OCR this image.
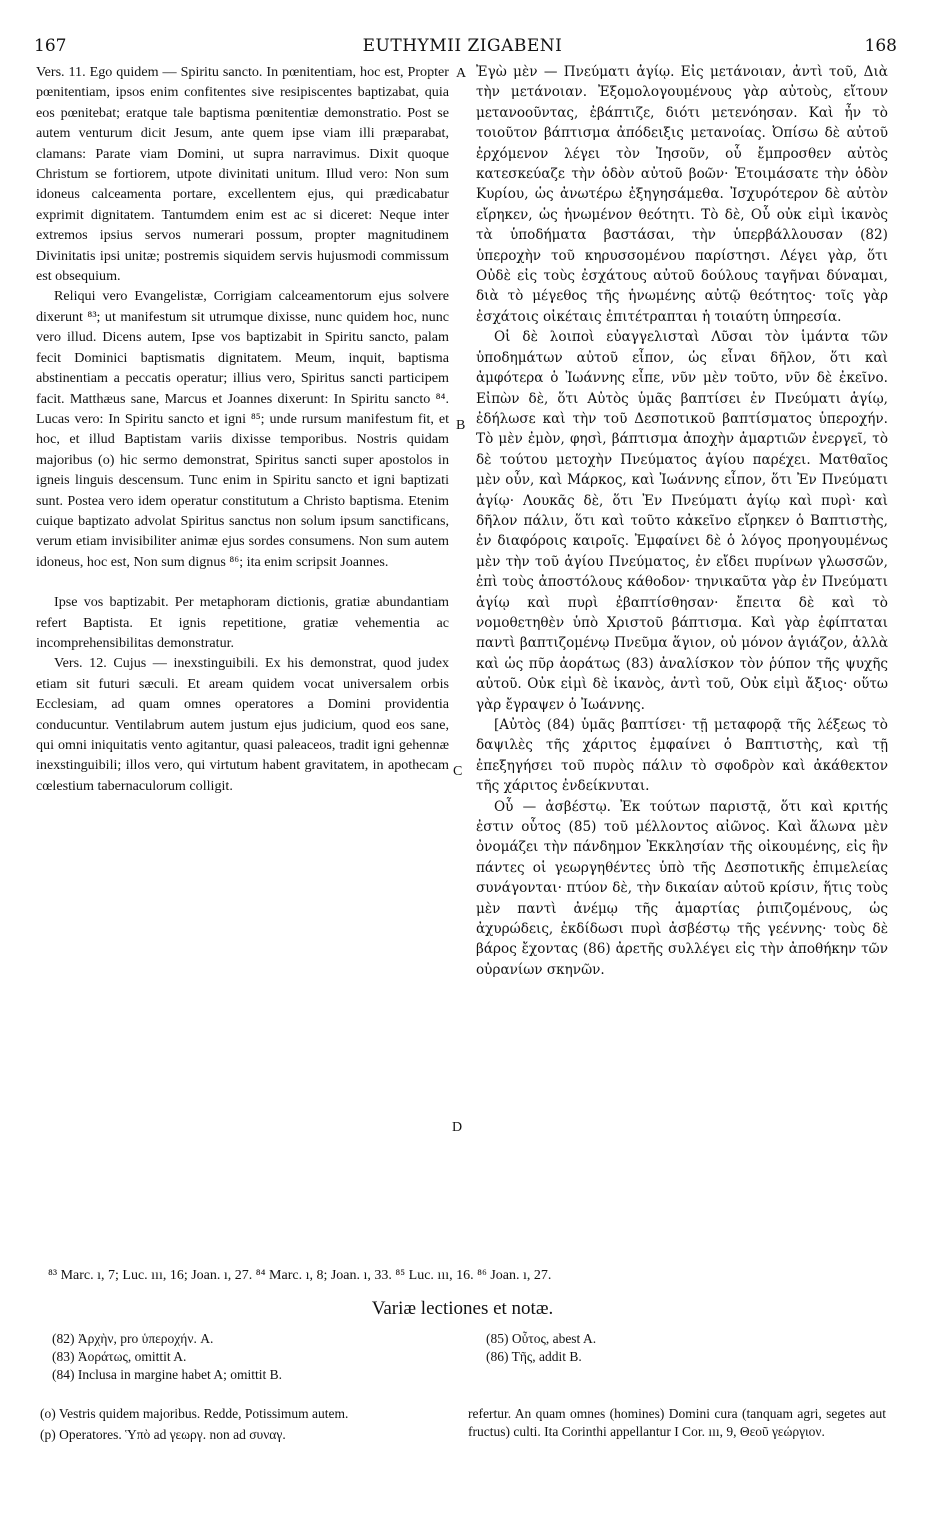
167	EUTHYMII ZIGABENI	168

Vers. 11. Ego quidem — Spiritu sancto. In pœnitentiam, hoc est, Propter pœnitentiam, ipsos enim confitentes sive resipiscentes baptizabat, quia eos pœnitebat; eratque tale baptisma pœnitentiæ demonstratio. Post se autem venturum dicit Jesum, ante quem ipse viam illi præparabat, clamans: Parate viam Domini, ut supra narravimus. Dixit quoque Christum se fortiorem, utpote divinitati unitum. Illud vero: Non sum idoneus calceamenta portare, excellentem ejus, qui prædicabatur exprimit dignitatem. Tantumdem enim est ac si diceret: Neque inter extremos ipsius servos numerari possum, propter magnitudinem Divinitatis ipsi unitæ; postremis siquidem servis hujusmodi commissum est obsequium.

Reliqui vero Evangelistæ, Corrigiam calceamentorum ejus solvere dixerunt ⁸³; ut manifestum sit utrumque dixisse, nunc quidem hoc, nunc vero illud. Dicens autem, Ipse vos baptizabit in Spiritu sancto, palam fecit Dominici baptismatis dignitatem. Meum, inquit, baptisma abstinentiam a peccatis operatur; illius vero, Spiritus sancti participem facit. Matthæus sane, Marcus et Joannes dixerunt: In Spiritu sancto ⁸⁴. Lucas vero: In Spiritu sancto et igni ⁸⁵; unde rursum manifestum fit, et hoc, et illud Baptistam variis dixisse temporibus. Nostris quidam majoribus (o) hic sermo demonstrat, Spiritus sancti super apostolos in igneis linguis descensum. Tunc enim in Spiritu sancto et igni baptizati sunt. Postea vero idem operatur constitutum a Christo baptisma. Etenim cuique baptizato advolat Spiritus sanctus non solum ipsum sanctificans, verum etiam invisibiliter animæ ejus sordes consumens. Non sum autem idoneus, hoc est, Non sum dignus ⁸⁶; ita enim scripsit Joannes.

Ipse vos baptizabit. Per metaphoram dictionis, gratiæ abundantiam refert Baptista. Et ignis repetitione, gratiæ vehementia ac incomprehensibilitas demonstratur.

Vers. 12. Cujus — inexstinguibili. Ex his demonstrat, quod judex etiam sit futuri sæculi. Et aream quidem vocat universalem orbis Ecclesiam, ad quam omnes operatores a Domini providentia conducuntur. Ventilabrum autem justum ejus judicium, quod eos sane, qui omni iniquitatis vento agitantur, quasi paleaceos, tradit igni gehennæ inexstinguibili; illos vero, qui virtutum habent gravitatem, in apothecam cœlestium tabernaculorum colligit.

A
B
C
D

Ἐγὼ μὲν — Πνεύματι ἁγίῳ. Εἰς μετάνοιαν, ἀντὶ τοῦ, Διὰ τὴν μετάνοιαν. Ἐξομολογουμένους γὰρ αὐτοὺς, εἴτουν μετανοοῦντας, ἐβάπτιζε, διότι μετενόησαν. Καὶ ἦν τὸ τοιοῦτον βάπτισμα ἀπόδειξις μετανοίας. Ὀπίσω δὲ αὐτοῦ ἐρχόμενον λέγει τὸν Ἰησοῦν, οὗ ἔμπροσθεν αὐτὸς κατεσκεύαζε τὴν ὁδὸν αὐτοῦ βοῶν· Ἑτοιμάσατε τὴν ὁδὸν Κυρίου, ὡς ἀνωτέρω ἐξηγησάμεθα. Ἰσχυρότερον δὲ αὐτὸν εἴρηκεν, ὡς ἡνωμένον θεότητι. Τὸ δὲ, Οὗ οὐκ εἰμὶ ἱκανὸς τὰ ὑποδήματα βαστάσαι, τὴν ὑπερβάλλουσαν (82) ὑπεροχὴν τοῦ κηρυσσομένου παρίστησι. Λέγει γὰρ, ὅτι Οὐδὲ εἰς τοὺς ἐσχάτους αὐτοῦ δούλους ταγῆναι δύναμαι, διὰ τὸ μέγεθος τῆς ἡνωμένης αὐτῷ θεότητος· τοῖς γὰρ ἐσχάτοις οἰκέταις ἐπιτέτραπται ἡ τοιαύτη ὑπηρεσία.

Οἱ δὲ λοιποὶ εὐαγγελισταὶ Λῦσαι τὸν ἱμάντα τῶν ὑποδημάτων αὐτοῦ εἶπον, ὡς εἶναι δῆλον, ὅτι καὶ ἀμφότερα ὁ Ἰωάννης εἶπε, νῦν μὲν τοῦτο, νῦν δὲ ἐκεῖνο. Εἰπὼν δὲ, ὅτι Αὐτὸς ὑμᾶς βαπτίσει ἐν Πνεύματι ἁγίῳ, ἐδήλωσε καὶ τὴν τοῦ Δεσποτικοῦ βαπτίσματος ὑπεροχήν. Τὸ μὲν ἐμὸν, φησὶ, βάπτισμα ἀποχὴν ἁμαρτιῶν ἐνεργεῖ, τὸ δὲ τούτου μετοχὴν Πνεύματος ἁγίου παρέχει. Ματθαῖος μὲν οὖν, καὶ Μάρκος, καὶ Ἰωάννης εἶπον, ὅτι Ἐν Πνεύματι ἁγίῳ· Λουκᾶς δὲ, ὅτι Ἐν Πνεύματι ἁγίῳ καὶ πυρὶ· καὶ δῆλον πάλιν, ὅτι καὶ τοῦτο κἀκεῖνο εἴρηκεν ὁ Βαπτιστὴς, ἐν διαφόροις καιροῖς. Ἐμφαίνει δὲ ὁ λόγος προηγουμένως μὲν τὴν τοῦ ἁγίου Πνεύματος, ἐν εἴδει πυρίνων γλωσσῶν, ἐπὶ τοὺς ἀποστόλους κάθοδον· τηνικαῦτα γὰρ ἐν Πνεύματι ἁγίῳ καὶ πυρὶ ἐβαπτίσθησαν· ἔπειτα δὲ καὶ τὸ νομοθετηθὲν ὑπὸ Χριστοῦ βάπτισμα. Καὶ γὰρ ἐφίπταται παντὶ βαπτιζομένῳ Πνεῦμα ἅγιον, οὐ μόνον ἁγιάζον, ἀλλὰ καὶ ὡς πῦρ ἀοράτως (83) ἀναλίσκον τὸν ῥύπον τῆς ψυχῆς αὐτοῦ. Οὐκ εἰμὶ δὲ ἱκανὸς, ἀντὶ τοῦ, Οὐκ εἰμὶ ἄξιος· οὕτω γὰρ ἔγραψεν ὁ Ἰωάννης.

[Αὐτὸς (84) ὑμᾶς βαπτίσει· τῇ μεταφορᾷ τῆς λέξεως τὸ δαψιλὲς τῆς χάριτος ἐμφαίνει ὁ Βαπτιστὴς, καὶ τῇ ἐπεξηγήσει τοῦ πυρὸς πάλιν τὸ σφοδρὸν καὶ ἀκάθεκτον τῆς χάριτος ἐνδείκνυται.

Οὗ — ἀσβέστῳ. Ἐκ τούτων παριστᾷ, ὅτι καὶ κριτής ἐστιν οὗτος (85) τοῦ μέλλοντος αἰῶνος. Καὶ ἅλωνα μὲν ὀνομάζει τὴν πάνδημον Ἐκκλησίαν τῆς οἰκουμένης, εἰς ἣν πάντες οἱ γεωργηθέντες ὑπὸ τῆς Δεσποτικῆς ἐπιμελείας συνάγονται· πτύον δὲ, τὴν δικαίαν αὐτοῦ κρίσιν, ἥτις τοὺς μὲν παντὶ ἀνέμῳ τῆς ἁμαρτίας ῥιπιζομένους, ὡς ἀχυρώδεις, ἐκδίδωσι πυρὶ ἀσβέστῳ τῆς γεέννης· τοὺς δὲ βάρος ἔχοντας (86) ἀρετῆς συλλέγει εἰς τὴν ἀποθήκην τῶν οὐρανίων σκηνῶν.

⁸³ Marc. ı, 7; Luc. ııı, 16; Joan. ı, 27. ⁸⁴ Marc. ı, 8; Joan. ı, 33. ⁸⁵ Luc. ııı, 16. ⁸⁶ Joan. ı, 27.
Variæ lectiones et notæ.
(82) Ἀρχὴν, pro ὑπεροχήν. A.
(83) Ἀοράτως, omittit A.
(84) Inclusa in margine habet A; omittit B.
(85) Οὗτος, abest A.
(86) Τῆς, addit B.
(o) Vestris quidem majoribus. Redde, Potissimum autem.
(p) Operatores. Ὑπὸ ad γεωργ. non ad συναγ.
refertur. An quam omnes (homines) Domini cura (tanquam agri, segetes aut fructus) culti. Ita Corinthi appellantur I Cor. ııı, 9, Θεοῦ γεώργιον.
